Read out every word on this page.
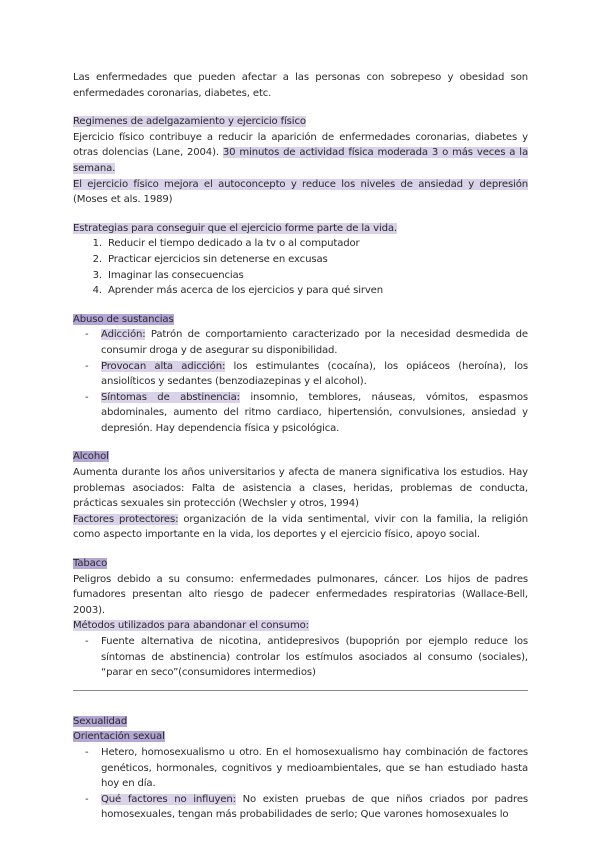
Las enfermedades que pueden afectar a las personas con sobrepeso y obesidad son enfermedades coronarias, diabetes, etc.

Regimenes de adelgazamiento y ejercicio físico

Ejercicio físico contribuye a reducir la aparición de enfermedades coronarias, diabetes y otras dolencias (Lane, 2004). 30 minutos de actividad física moderada 3 o más veces a la semana.

El ejercicio físico mejora el autoconcepto y reduce los niveles de ansiedad y depresión (Moses et als. 1989)

Estrategias para conseguir que el ejercicio forme parte de la vida.

1. Reducir el tiempo dedicado a la tv o al computador
2. Practicar ejercicios sin detenerse en excusas
3. Imaginar las consecuencias
4. Aprender más acerca de los ejercicios y para qué sirven

Abuso de sustancias

- Adicción: Patrón de comportamiento caracterizado por la necesidad desmedida de consumir droga y de asegurar su disponibilidad.
- Provocan alta adicción: los estimulantes (cocaína), los opiáceos (heroína), los ansiolíticos y sedantes (benzodiazepinas y el alcohol).
- Síntomas de abstinencia: insomnio, temblores, náuseas, vómitos, espasmos abdominales, aumento del ritmo cardiaco, hipertensión, convulsiones, ansiedad y depresión. Hay dependencia física y psicológica.

Alcohol

Aumenta durante los años universitarios y afecta de manera significativa los estudios. Hay problemas asociados: Falta de asistencia a clases, heridas, problemas de conducta, prácticas sexuales sin protección (Wechsler y otros, 1994)

Factores protectores: organización de la vida sentimental, vivir con la familia, la religión como aspecto importante en la vida, los deportes y el ejercicio físico, apoyo social.

Tabaco

Peligros debido a su consumo: enfermedades pulmonares, cáncer. Los hijos de padres fumadores presentan alto riesgo de padecer enfermedades respiratorias (Wallace-Bell, 2003).

Métodos utilizados para abandonar el consumo:

- Fuente alternativa de nicotina, antidepresivos (bupoprión por ejemplo reduce los síntomas de abstinencia) controlar los estímulos asociados al consumo (sociales), “parar en seco”(consumidores intermedios)

Sexualidad

Orientación sexual

- Hetero, homosexualismo u otro. En el homosexualismo hay combinación de factores genéticos, hormonales, cognitivos y medioambientales, que se han estudiado hasta hoy en día.
- Qué factores no influyen: No existen pruebas de que niños criados por padres homosexuales, tengan más probabilidades de serlo; Que varones homosexuales lo
